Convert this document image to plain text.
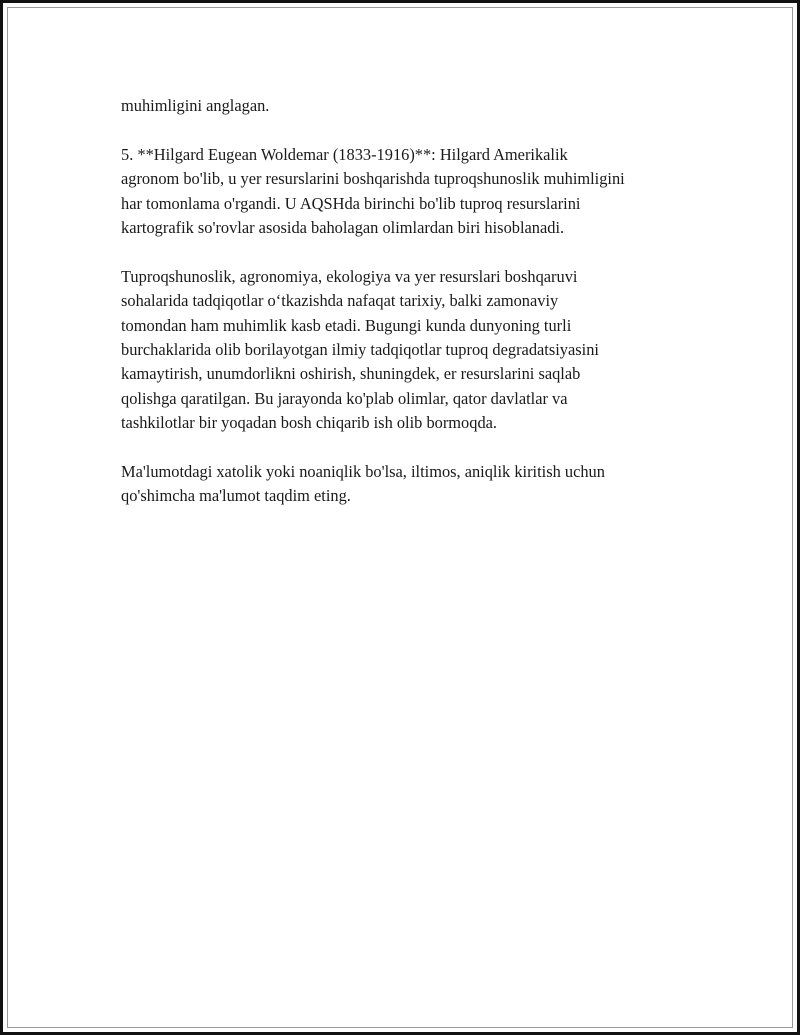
muhimligini anglagan.

5. **Hilgard Eugean Woldemar (1833-1916)**: Hilgard Amerikalik
agronom bo'lib, u yer resurslarini boshqarishda tuproqshunoslik muhimligini
har tomonlama o'rgandi. U AQSHda birinchi bo'lib tuproq resurslarini
kartografik so'rovlar asosida baholagan olimlardan biri hisoblanadi.

Tuproqshunoslik, agronomiya, ekologiya va yer resurslari boshqaruvi
sohalarida tadqiqotlar o‘tkazishda nafaqat tarixiy, balki zamonaviy
tomondan ham muhimlik kasb etadi. Bugungi kunda dunyoning turli
burchaklarida olib borilayotgan ilmiy tadqiqotlar tuproq degradatsiyasini
kamaytirish, unumdorlikni oshirish, shuningdek, er resurslarini saqlab
qolishga qaratilgan. Bu jarayonda ko'plab olimlar, qator davlatlar va
tashkilotlar bir yoqadan bosh chiqarib ish olib bormoqda.

Ma'lumotdagi xatolik yoki noaniqlik bo'lsa, iltimos, aniqlik kiritish uchun
qo'shimcha ma'lumot taqdim eting.
